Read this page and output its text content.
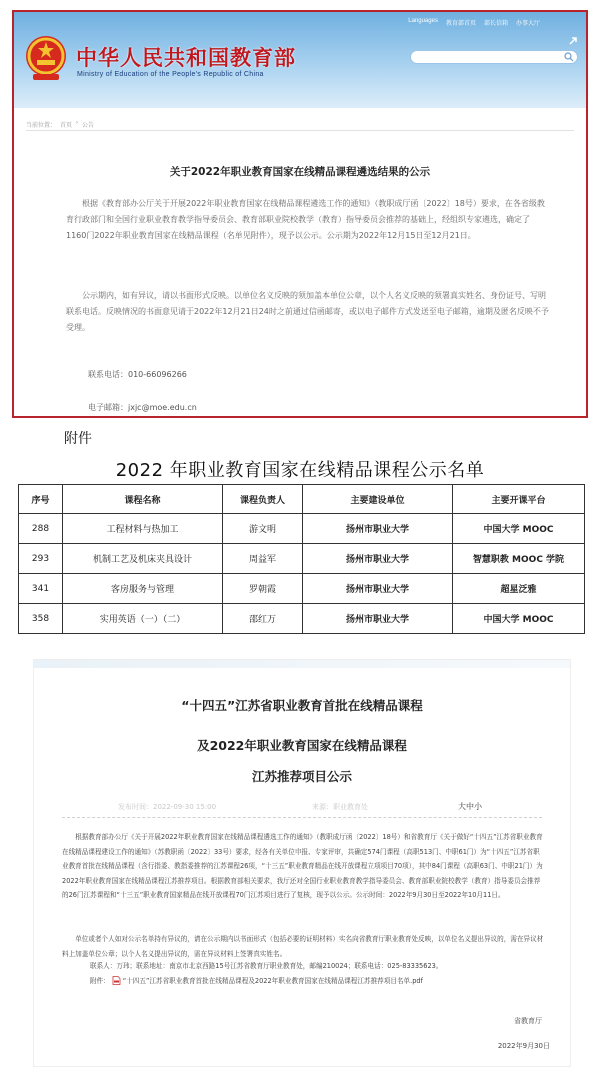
中华人民共和国教育部
Ministry of Education of the People's Republic of China
Languages 教育部首页 部长信箱 办事大厅
当前位置： 首页 › 公告
关于2022年职业教育国家在线精品课程遴选结果的公示
根据《教育部办公厅关于开展2022年职业教育国家在线精品课程遴选工作的通知》（教职成厅函〔2022〕18号）要求，在各省级教育行政部门和全国行业职业教育教学指导委员会、教育部职业院校教学（教育）指导委员会推荐的基础上，经组织专家遴选，确定了1160门2022年职业教育国家在线精品课程（名单见附件），现予以公示。公示期为2022年12月15日至12月21日。
公示期内，如有异议，请以书面形式反映。以单位名义反映的须加盖本单位公章，以个人名义反映的须署真实姓名、身份证号、写明联系电话。反映情况的书面意见请于2022年12月21日24时之前通过信函邮寄，或以电子邮件方式发送至电子邮箱，逾期及匿名反映不予受理。
联系电话：010-66096266
电子邮箱：jxjc@moe.edu.cn
附件
2022 年职业教育国家在线精品课程公示名单
序号	课程名称	课程负责人	主要建设单位	主要开课平台
288	工程材料与热加工	游文明	扬州市职业大学	中国大学 MOOC
293	机制工艺及机床夹具设计	周益军	扬州市职业大学	智慧职教 MOOC 学院
341	客房服务与管理	罗朝霞	扬州市职业大学	超星泛雅
358	实用英语（一）（二）	邵红万	扬州市职业大学	中国大学 MOOC
“十四五”江苏省职业教育首批在线精品课程
及2022年职业教育国家在线精品课程
江苏推荐项目公示
发布时间：2022-09-30 15:00	来源：职业教育处	大中小
根据教育部办公厅《关于开展2022年职业教育国家在线精品课程遴选工作的通知》（教职成厅函〔2022〕18号）和省教育厅《关于做好“十四五”江苏省职业教育在线精品课程建设工作的通知》（苏教职函〔2022〕33号）要求，经各有关单位申报、专家评审，共确定574门课程（高职513门、中职61门）为“十四五”江苏省职业教育首批在线精品课程（含行指委、教指委推荐的江苏课程26项，“十三五”职业教育精品在线开放课程立项项目70项），其中84门课程（高职63门、中职21门）为2022年职业教育国家在线精品课程江苏推荐项目。根据教育部相关要求，我厅还对全国行业职业教育教学指导委员会、教育部职业院校教学（教育）指导委员会推荐的26门江苏课程和“十三五”职业教育国家精品在线开放课程70门江苏项目进行了复核，现予以公示。公示时间：2022年9月30日至2022年10月11日。
单位或者个人如对公示名单持有异议的，请在公示期内以书面形式（包括必要的证明材料）实名向省教育厅职业教育处反映，以单位名义提出异议的，需在异议材料上加盖单位公章；以个人名义提出异议的，需在异议材料上签署真实姓名。
联系人：万玮；联系地址：南京市北京西路15号江苏省教育厅职业教育处，邮编210024；联系电话：025-83335623。
附件： “十四五”江苏省职业教育首批在线精品课程及2022年职业教育国家在线精品课程江苏推荐项目名单.pdf
省教育厅
2022年9月30日
